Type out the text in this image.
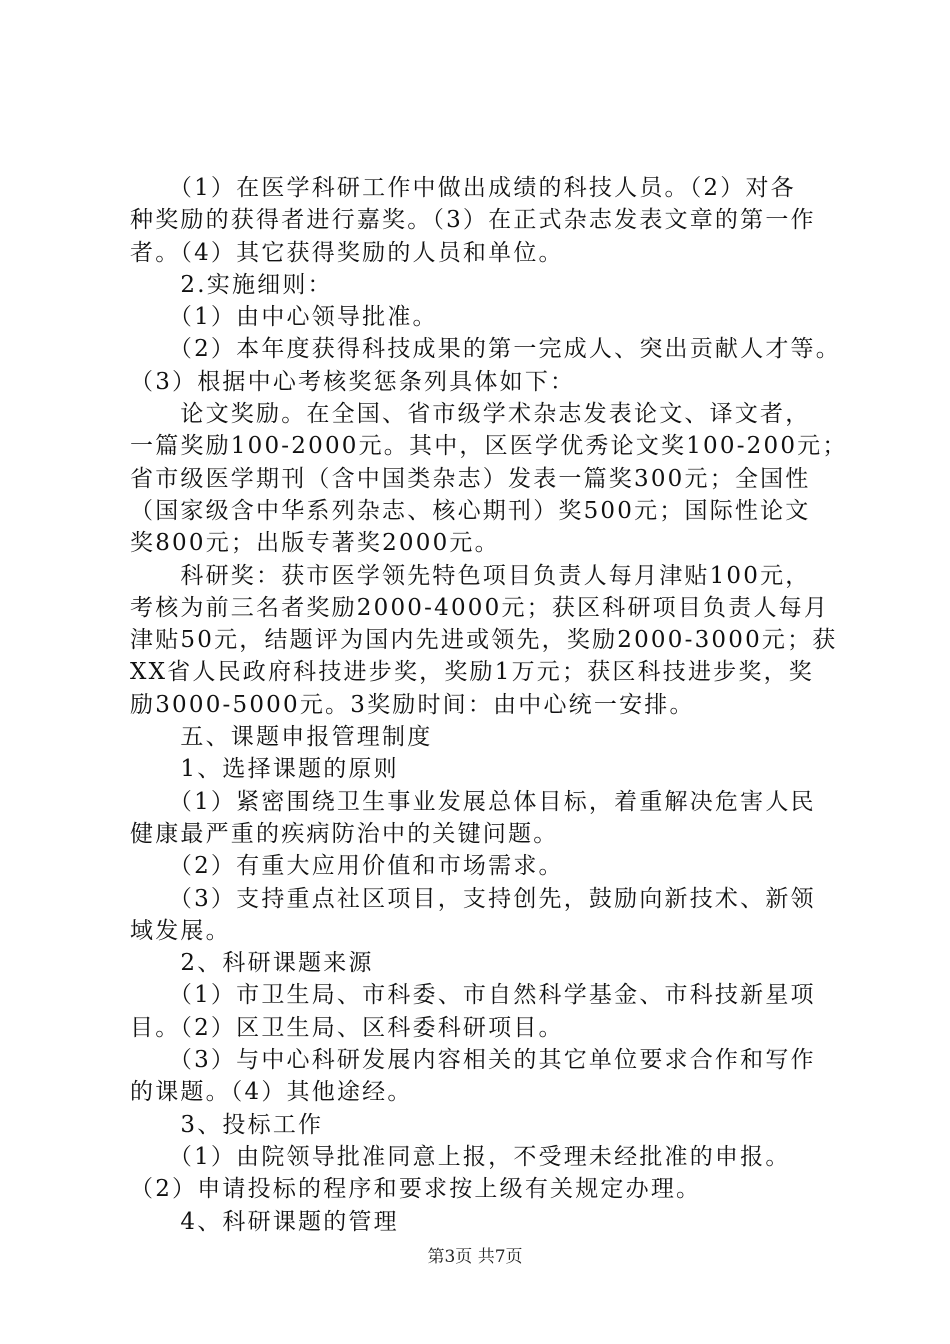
　　（1）在医学科研工作中做出成绩的科技人员。（2）对各
种奖励的获得者进行嘉奖。（3）在正式杂志发表文章的第一作
者。（4）其它获得奖励的人员和单位。
　　2.实施细则：
　　（1）由中心领导批准。
　　（2）本年度获得科技成果的第一完成人、突出贡献人才等。
（3）根据中心考核奖惩条列具体如下：
　　论文奖励。在全国、省市级学术杂志发表论文、译文者，
一篇奖励100-2000元。其中，区医学优秀论文奖100-200元；
省市级医学期刊（含中国类杂志）发表一篇奖300元；全国性
（国家级含中华系列杂志、核心期刊）奖500元；国际性论文
奖800元；出版专著奖2000元。
　　科研奖：获市医学领先特色项目负责人每月津贴100元，
考核为前三名者奖励2000-4000元；获区科研项目负责人每月
津贴50元，结题评为国内先进或领先，奖励2000-3000元；获
XX省人民政府科技进步奖，奖励1万元；获区科技进步奖，奖
励3000-5000元。3奖励时间：由中心统一安排。
　　五、课题申报管理制度
　　1、选择课题的原则
　　（1）紧密围绕卫生事业发展总体目标，着重解决危害人民
健康最严重的疾病防治中的关键问题。
　　（2）有重大应用价值和市场需求。
　　（3）支持重点社区项目，支持创先，鼓励向新技术、新领
域发展。
　　2、科研课题来源
　　（1）市卫生局、市科委、市自然科学基金、市科技新星项
目。（2）区卫生局、区科委科研项目。
　　（3）与中心科研发展内容相关的其它单位要求合作和写作
的课题。（4）其他途经。
　　3、投标工作
　　（1）由院领导批准同意上报，不受理未经批准的申报。
（2）申请投标的程序和要求按上级有关规定办理。
　　4、科研课题的管理
第3页 共7页
